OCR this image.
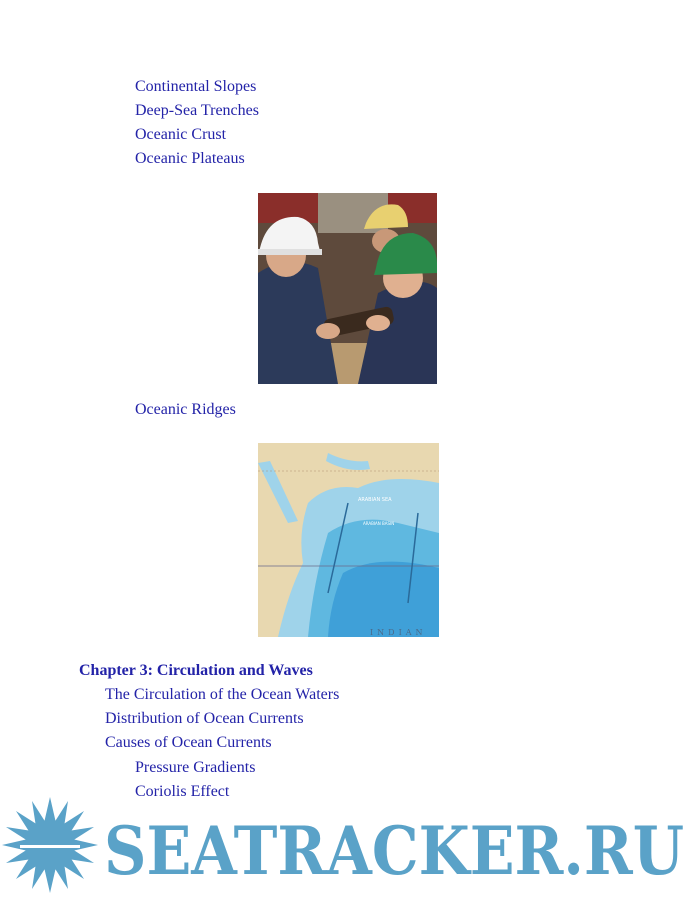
Continental Slopes
Deep-Sea Trenches
Oceanic Crust
Oceanic Plateaus
Oceanic Ridges
ARABIAN SEA
ARABIAN BASIN
INDIAN
Chapter 3: Circulation and Waves
The Circulation of the Ocean Waters
Distribution of Ocean Currents
Causes of Ocean Currents
Pressure Gradients
Coriolis Effect
SEATRACKER.RU
